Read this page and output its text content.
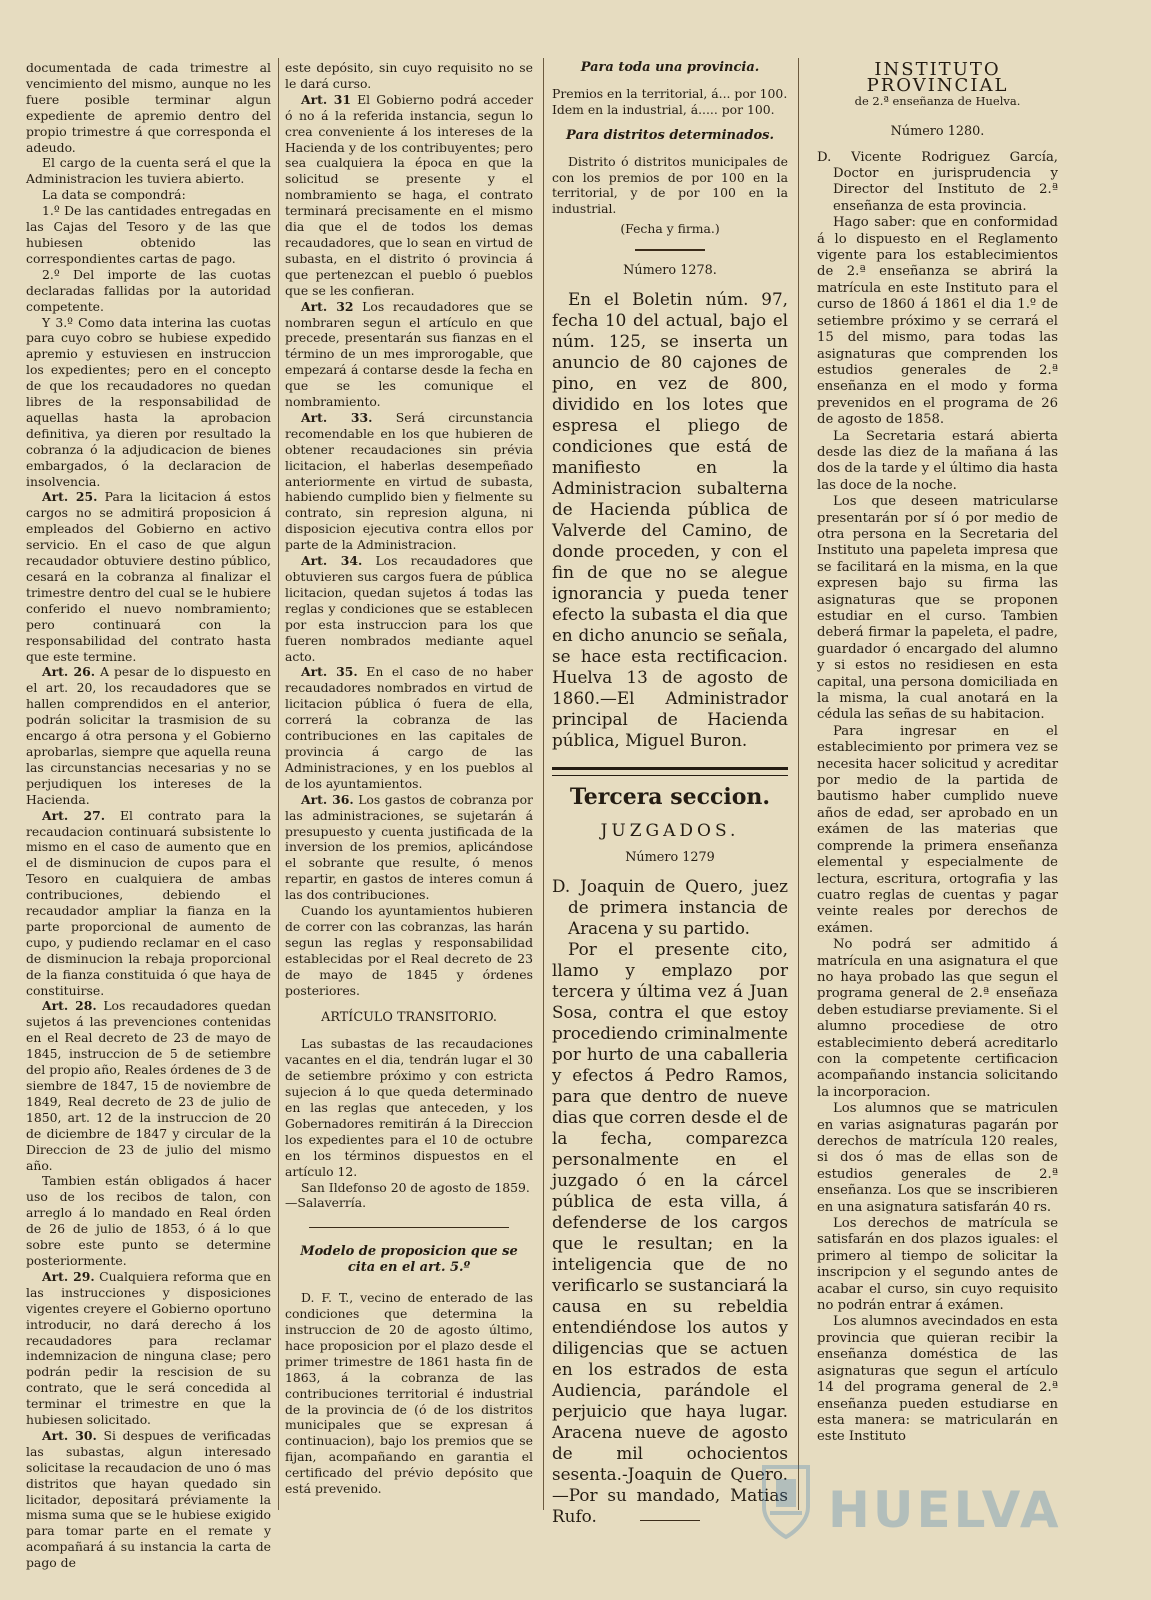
documentada de cada trimestre al vencimiento del mismo, aunque no les fuere posible terminar algun expediente de apremio dentro del propio trimestre á que corresponda el adeudo.

El cargo de la cuenta será el que la Administracion les tuviera abierto.

La data se compondrá:

1.º De las cantidades entregadas en las Cajas del Tesoro y de las que hubiesen obtenido las correspondientes cartas de pago.

2.º Del importe de las cuotas declaradas fallidas por la autoridad competente.

Y 3.º Como data interina las cuotas para cuyo cobro se hubiese expedido apremio y estuviesen en instruccion los expedientes; pero en el concepto de que los recaudadores no quedan libres de la responsabilidad de aquellas hasta la aprobacion definitiva, ya dieren por resultado la cobranza ó la adjudicacion de bienes embargados, ó la declaracion de insolvencia.

Art. 25. Para la licitacion á estos cargos no se admitirá proposicion á empleados del Gobierno en activo servicio. En el caso de que algun recaudador obtuviere destino público, cesará en la cobranza al finalizar el trimestre dentro del cual se le hubiere conferido el nuevo nombramiento; pero continuará con la responsabilidad del contrato hasta que este termine.

Art. 26. A pesar de lo dispuesto en el art. 20, los recaudadores que se hallen comprendidos en el anterior, podrán solicitar la trasmision de su encargo á otra persona y el Gobierno aprobarlas, siempre que aquella reuna las circunstancias necesarias y no se perjudiquen los intereses de la Hacienda.

Art. 27. El contrato para la recaudacion continuará subsistente lo mismo en el caso de aumento que en el de disminucion de cupos para el Tesoro en cualquiera de ambas contribuciones, debiendo el recaudador ampliar la fianza en la parte proporcional de aumento de cupo, y pudiendo reclamar en el caso de disminucion la rebaja proporcional de la fianza constituida ó que haya de constituirse.

Art. 28. Los recaudadores quedan sujetos á las prevenciones contenidas en el Real decreto de 23 de mayo de 1845, instruccion de 5 de setiembre del propio año, Reales órdenes de 3 de siembre de 1847, 15 de noviembre de 1849, Real decreto de 23 de julio de 1850, art. 12 de la instruccion de 20 de diciembre de 1847 y circular de la Direccion de 23 de julio del mismo año.

Tambien están obligados á hacer uso de los recibos de talon, con arreglo á lo mandado en Real órden de 26 de julio de 1853, ó á lo que sobre este punto se determine posteriormente.

Art. 29. Cualquiera reforma que en las instrucciones y disposiciones vigentes creyere el Gobierno oportuno introducir, no dará derecho á los recaudadores para reclamar indemnizacion de ninguna clase; pero podrán pedir la rescision de su contrato, que le será concedida al terminar el trimestre en que la hubiesen solicitado.

Art. 30. Si despues de verificadas las subastas, algun interesado solicitase la recaudacion de uno ó mas distritos que hayan quedado sin licitador, depositará préviamente la misma suma que se le hubiese exigido para tomar parte en el remate y acompañará á su instancia la carta de pago de

este depósito, sin cuyo requisito no se le dará curso.

Art. 31 El Gobierno podrá acceder ó no á la referida instancia, segun lo crea conveniente á los intereses de la Hacienda y de los contribuyentes; pero sea cualquiera la época en que la solicitud se presente y el nombramiento se haga, el contrato terminará precisamente en el mismo dia que el de todos los demas recaudadores, que lo sean en virtud de subasta, en el distrito ó provincia á que pertenezcan el pueblo ó pueblos que se les confieran.

Art. 32 Los recaudadores que se nombraren segun el artículo en que precede, presentarán sus fianzas en el término de un mes improrogable, que empezará á contarse desde la fecha en que se les comunique el nombramiento.

Art. 33. Será circunstancia recomendable en los que hubieren de obtener recaudaciones sin prévia licitacion, el haberlas desempeñado anteriormente en virtud de subasta, habiendo cumplido bien y fielmente su contrato, sin represion alguna, ni disposicion ejecutiva contra ellos por parte de la Administracion.

Art. 34. Los recaudadores que obtuvieren sus cargos fuera de pública licitacion, quedan sujetos á todas las reglas y condiciones que se establecen por esta instruccion para los que fueren nombrados mediante aquel acto.

Art. 35. En el caso de no haber recaudadores nombrados en virtud de licitacion pública ó fuera de ella, correrá la cobranza de las contribuciones en las capitales de provincia á cargo de las Administraciones, y en los pueblos al de los ayuntamientos.

Art. 36. Los gastos de cobranza por las administraciones, se sujetarán á presupuesto y cuenta justificada de la inversion de los premios, aplicándose el sobrante que resulte, ó menos repartir, en gastos de interes comun á las dos contribuciones.

Cuando los ayuntamientos hubieren de correr con las cobranzas, las harán segun las reglas y responsabilidad establecidas por el Real decreto de 23 de mayo de 1845 y órdenes posteriores.

ARTÍCULO TRANSITORIO.

Las subastas de las recaudaciones vacantes en el dia, tendrán lugar el 30 de setiembre próximo y con estricta sujecion á lo que queda determinado en las reglas que anteceden, y los Gobernadores remitirán á la Direccion los expedientes para el 10 de octubre en los términos dispuestos en el artículo 12.

San Ildefonso 20 de agosto de 1859.

—Salaverría.

Modelo de proposicion que se cita en el art. 5.º

D. F. T., vecino de enterado de las condiciones que determina la instruccion de 20 de agosto último, hace proposicion por el plazo desde el primer trimestre de 1861 hasta fin de 1863, á la cobranza de las contribuciones territorial é industrial de la provincia de (ó de los distritos municipales que se expresan á continuacion), bajo los premios que se fijan, acompañando en garantia el certificado del prévio depósito que está prevenido.

Para toda una provincia.

Premios en la territorial, á... por 100.

Idem en la industrial, á..... por 100.

Para distritos determinados.

Distrito ó distritos municipales de con los premios de por 100 en la territorial, y de por 100 en la industrial.

(Fecha y firma.)

Número 1278.

En el Boletin núm. 97, fecha 10 del actual, bajo el núm. 125, se inserta un anuncio de 80 cajones de pino, en vez de 800, dividido en los lotes que espresa el pliego de condiciones que está de manifiesto en la Administracion subalterna de Hacienda pública de Valverde del Camino, de donde proceden, y con el fin de que no se alegue ignorancia y pueda tener efecto la subasta el dia que en dicho anuncio se señala, se hace esta rectificacion. Huelva 13 de agosto de 1860.—El Administrador principal de Hacienda pública, Miguel Buron.

Tercera seccion.
JUZGADOS.

Número 1279

D. Joaquin de Quero, juez de primera instancia de Aracena y su partido.

Por el presente cito, llamo y emplazo por tercera y última vez á Juan Sosa, contra el que estoy procediendo criminalmente por hurto de una caballeria y efectos á Pedro Ramos, para que dentro de nueve dias que corren desde el de la fecha, comparezca personalmente en el juzgado ó en la cárcel pública de esta villa, á defenderse de los cargos que le resultan; en la inteligencia que de no verificarlo se sustanciará la causa en su rebeldia entendiéndose los autos y diligencias que se actuen en los estrados de esta Audiencia, parándole el perjuicio que haya lugar. Aracena nueve de agosto de mil ochocientos sesenta.-Joaquin de Quero.—Por su mandado, Matias Rufo.

INSTITUTO PROVINCIAL
de 2.ª enseñanza de Huelva.

Número 1280.

D. Vicente Rodriguez García, Doctor en jurisprudencia y Director del Instituto de 2.ª enseñanza de esta provincia.

Hago saber: que en conformidad á lo dispuesto en el Reglamento vigente para los establecimientos de 2.ª enseñanza se abrirá la matrícula en este Instituto para el curso de 1860 á 1861 el dia 1.º de setiembre próximo y se cerrará el 15 del mismo, para todas las asignaturas que comprenden los estudios generales de 2.ª enseñanza en el modo y forma prevenidos en el programa de 26 de agosto de 1858.

La Secretaria estará abierta desde las diez de la mañana á las dos de la tarde y el último dia hasta las doce de la noche.

Los que deseen matricularse presentarán por sí ó por medio de otra persona en la Secretaria del Instituto una papeleta impresa que se facilitará en la misma, en la que expresen bajo su firma las asignaturas que se proponen estudiar en el curso. Tambien deberá firmar la papeleta, el padre, guardador ó encargado del alumno y si estos no residiesen en esta capital, una persona domiciliada en la misma, la cual anotará en la cédula las señas de su habitacion.

Para ingresar en el establecimiento por primera vez se necesita hacer solicitud y acreditar por medio de la partida de bautismo haber cumplido nueve años de edad, ser aprobado en un exámen de las materias que comprende la primera enseñanza elemental y especialmente de lectura, escritura, ortografia y las cuatro reglas de cuentas y pagar veinte reales por derechos de exámen.

No podrá ser admitido á matrícula en una asignatura el que no haya probado las que segun el programa general de 2.ª enseñaza deben estudiarse previamente. Si el alumno procediese de otro establecimiento deberá acreditarlo con la competente certificacion acompañando instancia solicitando la incorporacion.

Los alumnos que se matriculen en varias asignaturas pagarán por derechos de matrícula 120 reales, si dos ó mas de ellas son de estudios generales de 2.ª enseñanza. Los que se inscribieren en una asignatura satisfarán 40 rs.

Los derechos de matrícula se satisfarán en dos plazos iguales: el primero al tiempo de solicitar la inscripcion y el segundo antes de acabar el curso, sin cuyo requisito no podrán entrar á exámen.

Los alumnos avecindados en esta provincia que quieran recibir la enseñanza doméstica de las asignaturas que segun el artículo 14 del programa general de 2.ª enseñanza pueden estudiarse en esta manera: se matricularán en este Instituto

HUELVA
